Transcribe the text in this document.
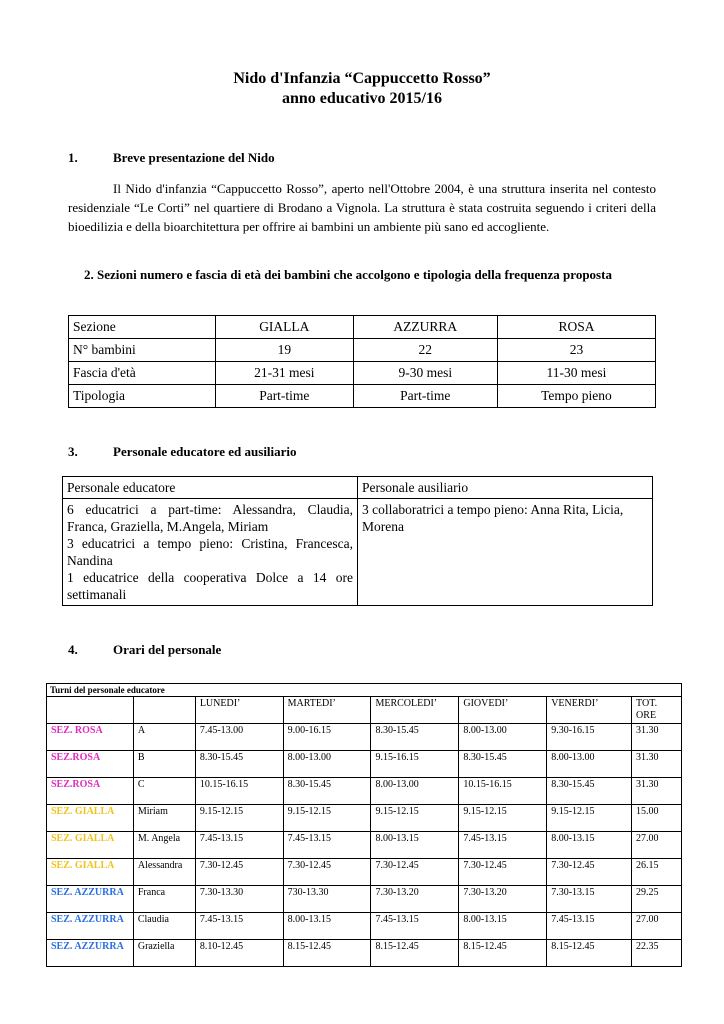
Nido d'Infanzia “Cappuccetto Rosso”
anno educativo 2015/16
1.	Breve presentazione del Nido
Il Nido d'infanzia “Cappuccetto Rosso”, aperto nell'Ottobre 2004, è una struttura inserita nel contesto residenziale “Le Corti” nel quartiere di Brodano a Vignola. La struttura è stata costruita seguendo i criteri della bioedilizia e della bioarchitettura per offrire ai bambini un ambiente più sano ed accogliente.
2. Sezioni numero e fascia di età dei bambini che accolgono e tipologia della frequenza proposta
Sezione	GIALLA	AZZURRA	ROSA
N° bambini	19	22	23
Fascia d'età	21-31 mesi	9-30 mesi	11-30 mesi
Tipologia	Part-time	Part-time	Tempo pieno
3.	Personale educatore ed ausiliario
Personale educatore	Personale ausiliario

6 educatrici a part-time: Alessandra, Claudia, Franca, Graziella, M.Angela, Miriam
3 educatrici a tempo pieno: Cristina, Francesca, Nandina
1 educatrice della cooperativa Dolce a 14 ore settimanali	3 collaboratrici a tempo pieno: Anna Rita, Licia, Morena
4.	Orari del personale
Turni del personale educatore							
		LUNEDI’	MARTEDI’	MERCOLEDI’	GIOVEDI’	VENERDI’	TOT. ORE
SEZ. ROSA	A	7.45-13.00	9.00-16.15	8.30-15.45	8.00-13.00	9.30-16.15	31.30
SEZ.ROSA	B	8.30-15.45	8.00-13.00	9.15-16.15	8.30-15.45	8.00-13.00	31.30
SEZ.ROSA	C	10.15-16.15	8.30-15.45	8.00-13.00	10.15-16.15	8.30-15.45	31.30
SEZ. GIALLA	Miriam	9.15-12.15	9.15-12.15	9.15-12.15	9.15-12.15	9.15-12.15	15.00
SEZ. GIALLA	M. Angela	7.45-13.15	7.45-13.15	8.00-13.15	7.45-13.15	8.00-13.15	27.00
SEZ. GIALLA	Alessandra	7.30-12.45	7.30-12.45	7.30-12.45	7.30-12.45	7.30-12.45	26.15
SEZ. AZZURRA	Franca	7.30-13.30	730-13.30	7.30-13.20	7.30-13.20	7.30-13.15	29.25
SEZ. AZZURRA	Claudia	7.45-13.15	8.00-13.15	7.45-13.15	8.00-13.15	7.45-13.15	27.00
SEZ. AZZURRA	Graziella	8.10-12.45	8.15-12.45	8.15-12.45	8.15-12.45	8.15-12.45	22.35
